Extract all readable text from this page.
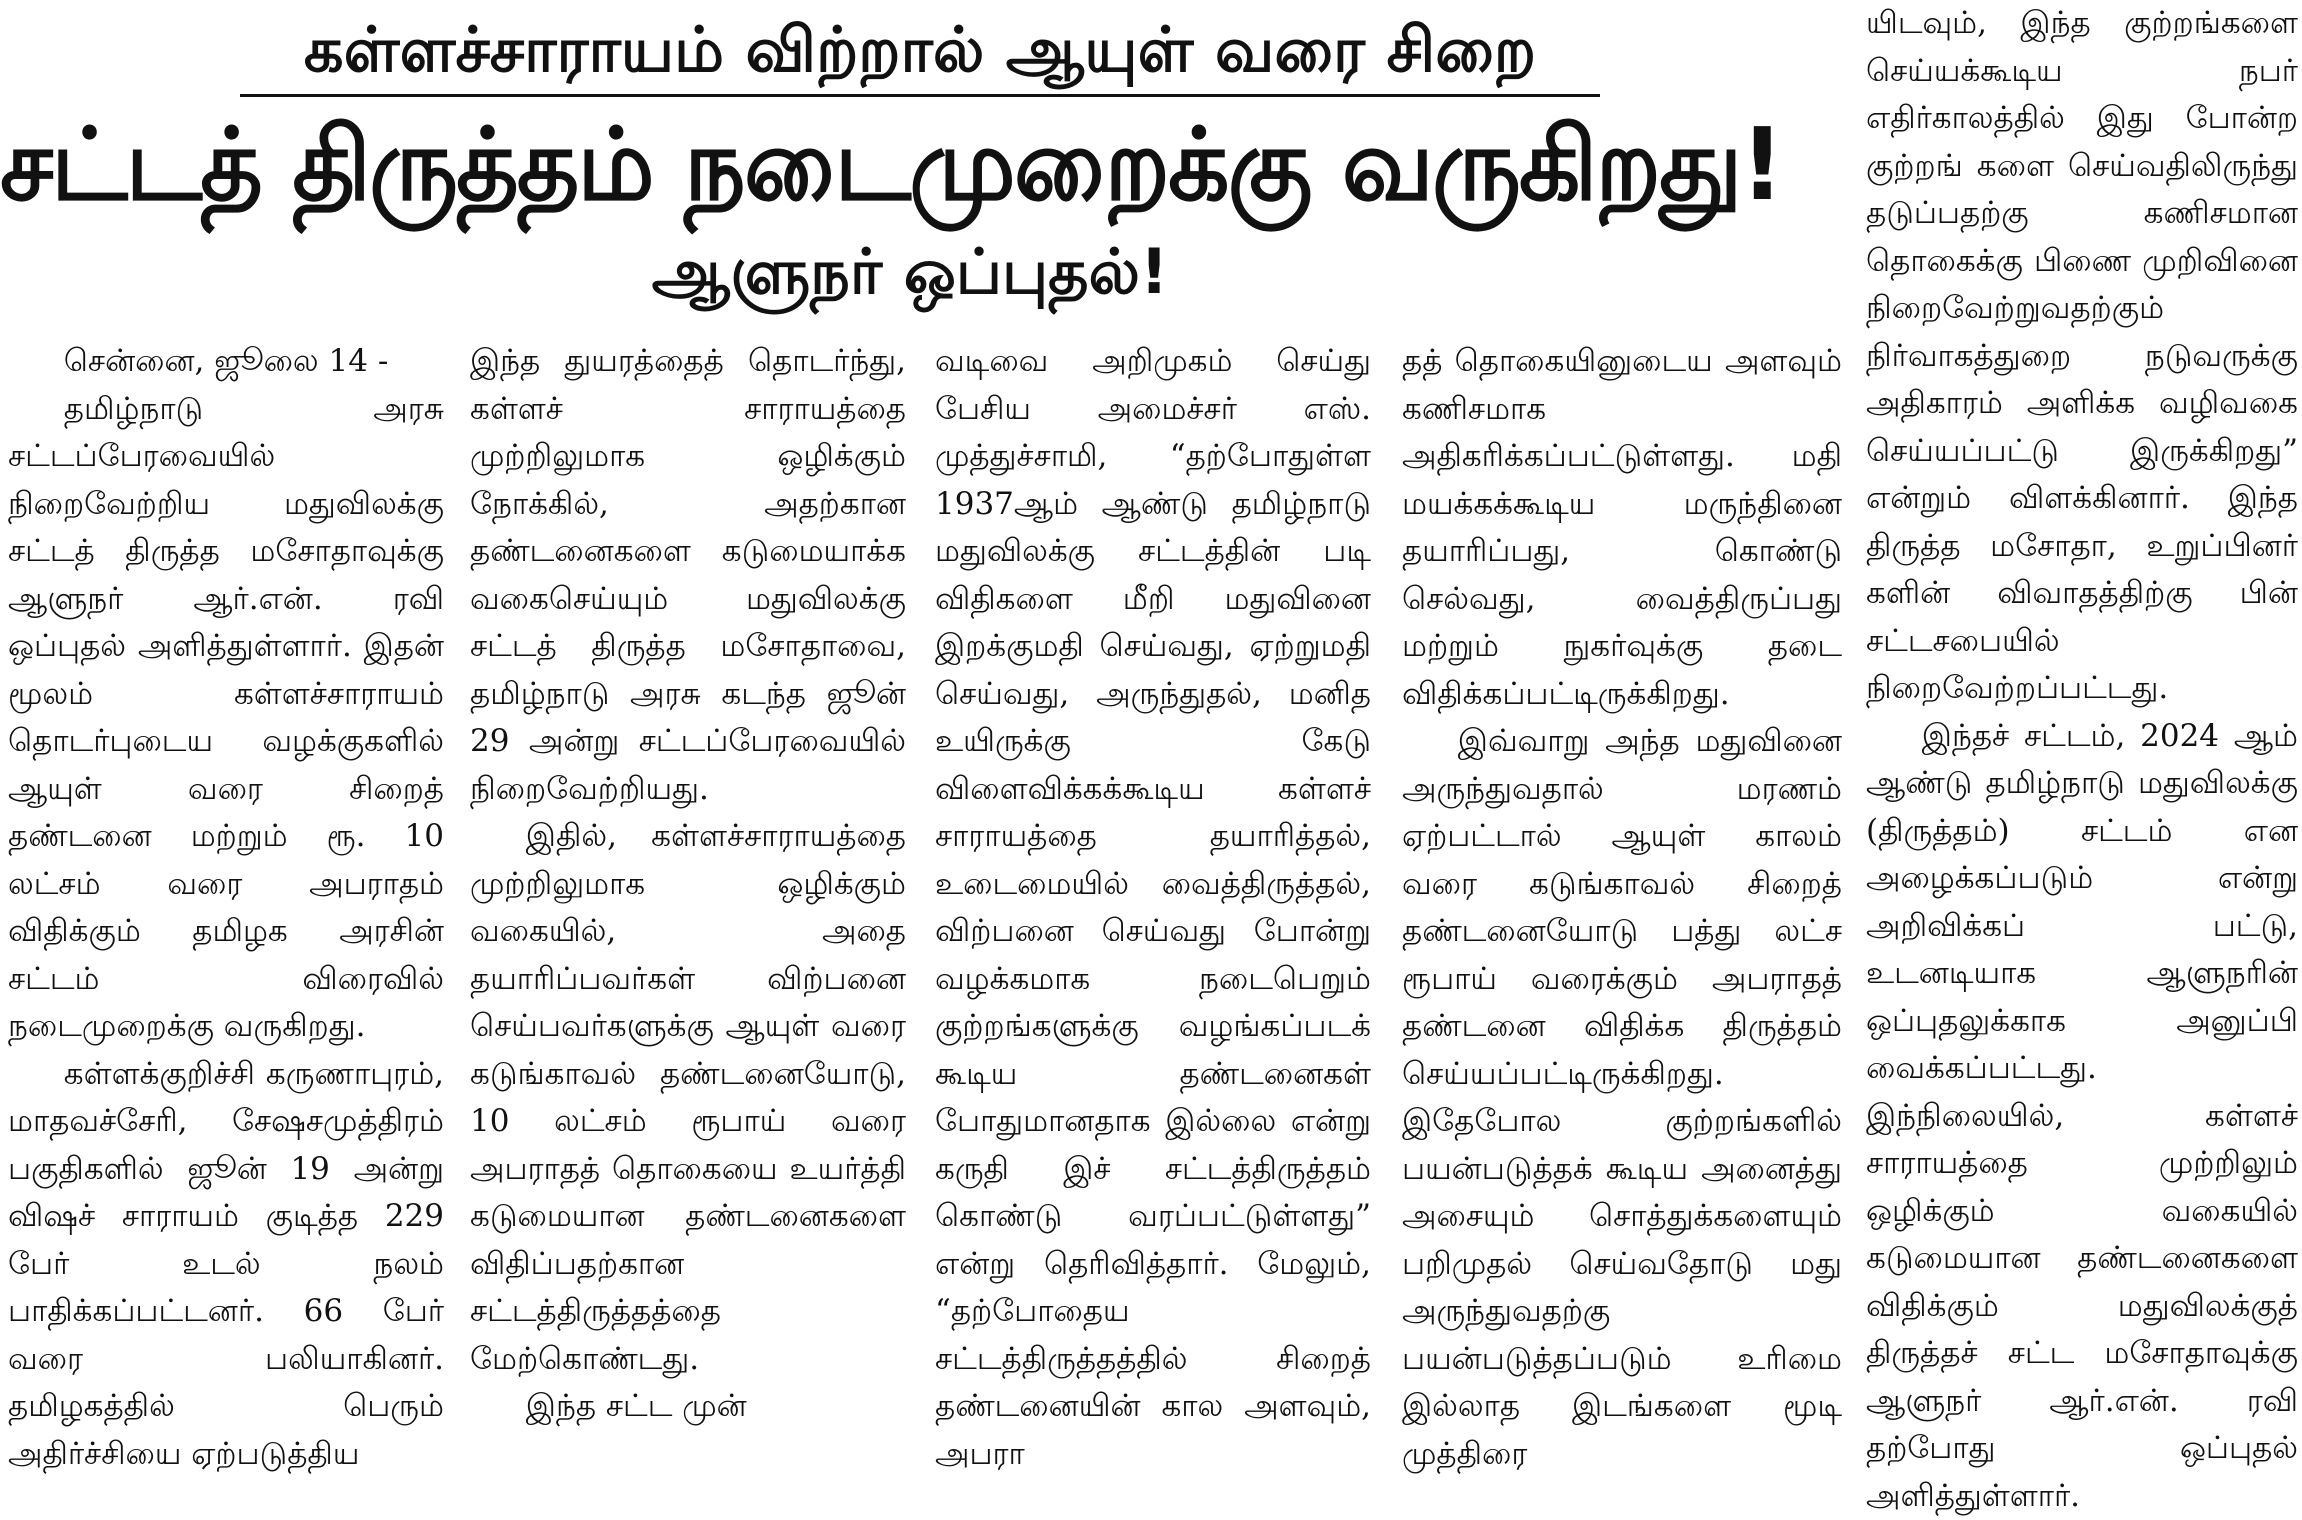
கள்ளச்சாராயம் விற்றால் ஆயுள் வரை சிறை
சட்டத் திருத்தம் நடைமுறைக்கு வருகிறது!
ஆளுநர் ஒப்புதல்!

சென்னை, ஜூலை 14 -

தமிழ்நாடு அரசு சட்டப்பேரவையில் நிறைவேற்றிய மதுவிலக்கு சட்டத் திருத்த மசோதாவுக்கு ஆளுநர் ஆர்.என். ரவி ஒப்புதல் அளித்துள்ளார். இதன் மூலம் கள்ளச்சாராயம் தொடர்புடைய வழக்குகளில் ஆயுள் வரை சிறைத் தண்டனை மற்றும் ரூ. 10 லட்சம் வரை அபராதம் விதிக்கும் தமிழக அரசின் சட்டம் விரைவில் நடைமுறைக்கு வருகிறது.

கள்ளக்குறிச்சி கருணாபுரம், மாதவச்சேரி, சேஷசமுத்திரம் பகுதிகளில் ஜூன் 19 அன்று விஷச் சாராயம் குடித்த 229 பேர் உடல் நலம் பாதிக்கப்பட்டனர். 66 பேர் வரை பலியாகினர். தமிழகத்தில் பெரும் அதிர்ச்சியை ஏற்படுத்திய

இந்த துயரத்தைத் தொடர்ந்து, கள்ளச் சாராயத்தை முற்றிலுமாக ஒழிக்கும் நோக்கில், அதற்கான தண்டனைகளை கடுமையாக்க வகைசெய்யும் மதுவிலக்கு சட்டத் திருத்த மசோதாவை, தமிழ்நாடு அரசு கடந்த ஜூன் 29 அன்று சட்டப்பேரவையில் நிறைவேற்றியது.

இதில், கள்ளச்சாராயத்தை முற்றிலுமாக ஒழிக்கும் வகையில், அதை தயாரிப்பவர்கள் விற்பனை செய்பவர்களுக்கு ஆயுள் வரை கடுங்காவல் தண்டனையோடு, 10 லட்சம் ரூபாய் வரை அபராதத் தொகையை உயர்த்தி கடுமையான தண்டனைகளை விதிப்பதற்கான சட்டத்திருத்தத்தை மேற்கொண்டது.

இந்த சட்ட முன்

வடிவை அறிமுகம் செய்து பேசிய அமைச்சர் எஸ். முத்துச்சாமி, “தற்போதுள்ள 1937ஆம் ஆண்டு தமிழ்நாடு மதுவிலக்கு சட்டத்தின் படி விதிகளை மீறி மதுவினை இறக்குமதி செய்வது, ஏற்றுமதி செய்வது, அருந்துதல், மனித உயிருக்கு கேடு விளைவிக்கக்கூடிய கள்ளச் சாராயத்தை தயாரித்தல், உடைமையில் வைத்திருத்தல், விற்பனை செய்வது போன்று வழக்கமாக நடைபெறும் குற்றங்களுக்கு வழங்கப்படக் கூடிய தண்டனைகள் போதுமானதாக இல்லை என்று கருதி இச் சட்டத்திருத்தம் கொண்டு வரப்பட்டுள்ளது” என்று தெரிவித்தார். மேலும், “தற்போதைய சட்டத்திருத்தத்தில் சிறைத் தண்டனையின் கால அளவும், அபரா

தத் தொகையினுடைய அளவும் கணிசமாக அதிகரிக்கப்பட்டுள்ளது. மதி மயக்கக்கூடிய மருந்தினை தயாரிப்பது, கொண்டு செல்வது, வைத்திருப்பது மற்றும் நுகர்வுக்கு தடை விதிக்கப்பட்டிருக்கிறது.

இவ்வாறு அந்த மதுவினை அருந்துவதால் மரணம் ஏற்பட்டால் ஆயுள் காலம் வரை கடுங்காவல் சிறைத் தண்டனையோடு பத்து லட்ச ரூபாய் வரைக்கும் அபராதத் தண்டனை விதிக்க திருத்தம் செய்யப்பட்டிருக்கிறது. இதேபோல குற்றங்களில் பயன்படுத்தக் கூடிய அனைத்து அசையும் சொத்துக்களையும் பறிமுதல் செய்வதோடு மது அருந்துவதற்கு பயன்படுத்தப்படும் உரிமை இல்லாத இடங்களை மூடி முத்திரை

யிடவும், இந்த குற்றங்களை செய்யக்கூடிய நபர் எதிர்காலத்தில் இது போன்ற குற்றங் களை செய்வதிலிருந்து தடுப்பதற்கு கணிசமான தொகைக்கு பிணை முறிவினை நிறைவேற்றுவதற்கும் நிர்வாகத்துறை நடுவருக்கு அதிகாரம் அளிக்க வழிவகை செய்யப்பட்டு இருக்கிறது” என்றும் விளக்கினார். இந்த திருத்த மசோதா, உறுப்பினர் களின் விவாதத்திற்கு பின் சட்டசபையில் நிறைவேற்றப்பட்டது.

இந்தச் சட்டம், 2024 ஆம் ஆண்டு தமிழ்நாடு மதுவிலக்கு (திருத்தம்) சட்டம் என அழைக்கப்படும் என்று அறிவிக்கப் பட்டு, உடனடியாக ஆளுநரின் ஒப்புதலுக்காக அனுப்பி வைக்கப்பட்டது. இந்நிலையில், கள்ளச் சாராயத்தை முற்றிலும் ஒழிக்கும் வகையில் கடுமையான தண்டனைகளை விதிக்கும் மதுவிலக்குத் திருத்தச் சட்ட மசோதாவுக்கு ஆளுநர் ஆர்.என். ரவி தற்போது ஒப்புதல் அளித்துள்ளார்.
